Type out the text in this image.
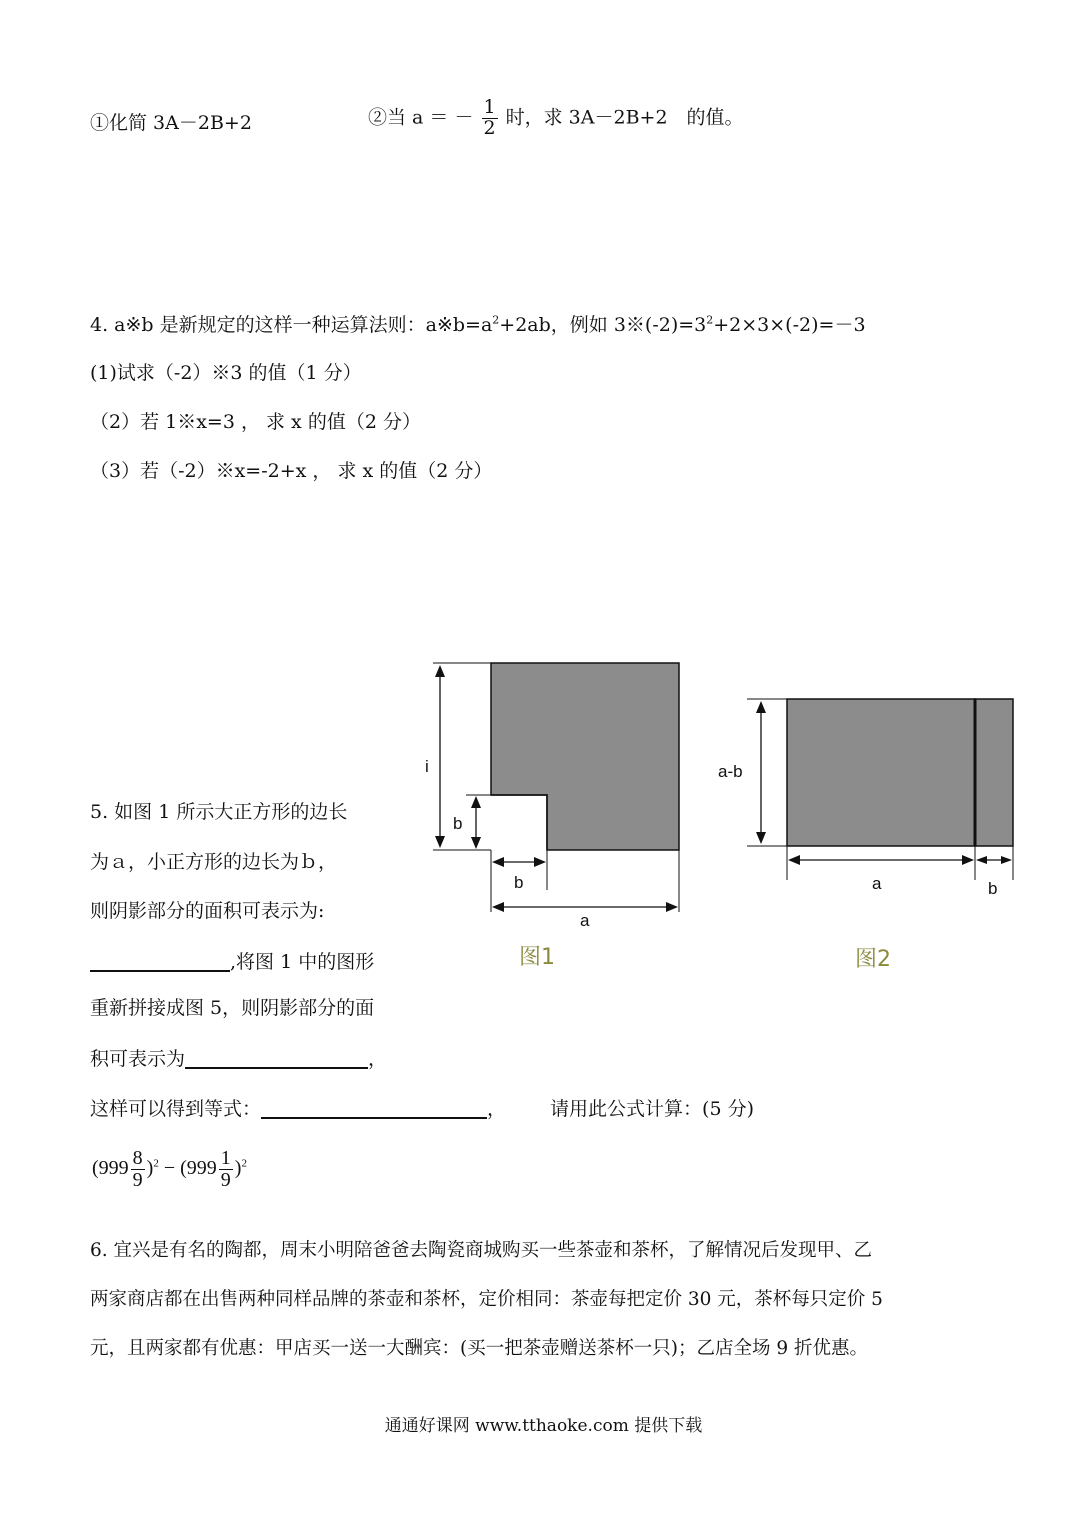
①化简 3A－2B+2	②当 a ＝ － $\frac{1}{2}$ 时，求 3A－2B+2　的值。
4. a※b 是新规定的这样一种运算法则：$a※b=a^2+2ab$，例如 $3※(-2)=3^2+2\times 3\times(-2)=-3$
(1)试求（-2）※3 的值（1 分）
（2）若 1※x=3 ， 求 x 的值（2 分）
（3）若（-2）※x=-2+x ， 求 x 的值（2 分）
i
b
b
a
a-b
a	b
图1	图2
5. 如图 1 所示大正方形的边长
为ａ，小正方形的边长为ｂ，
则阴影部分的面积可表示为:
,将图 1 中的图形
重新拼接成图 5，则阴影部分的面
积可表示为	，
这样可以得到等式：	， 请用此公式计算：(5 分)
$(999 \frac{8}{9} )^2 - (999 \frac{1}{9} )^2$
6. 宜兴是有名的陶都，周末小明陪爸爸去陶瓷商城购买一些茶壶和茶杯，了解情况后发现甲、乙
两家商店都在出售两种同样品牌的茶壶和茶杯，定价相同：茶壶每把定价 30 元，茶杯每只定价 5
元，且两家都有优惠：甲店买一送一大酬宾：(买一把茶壶赠送茶杯一只)；乙店全场 9 折优惠。
通通好课网 www.tthaoke.com 提供下载
